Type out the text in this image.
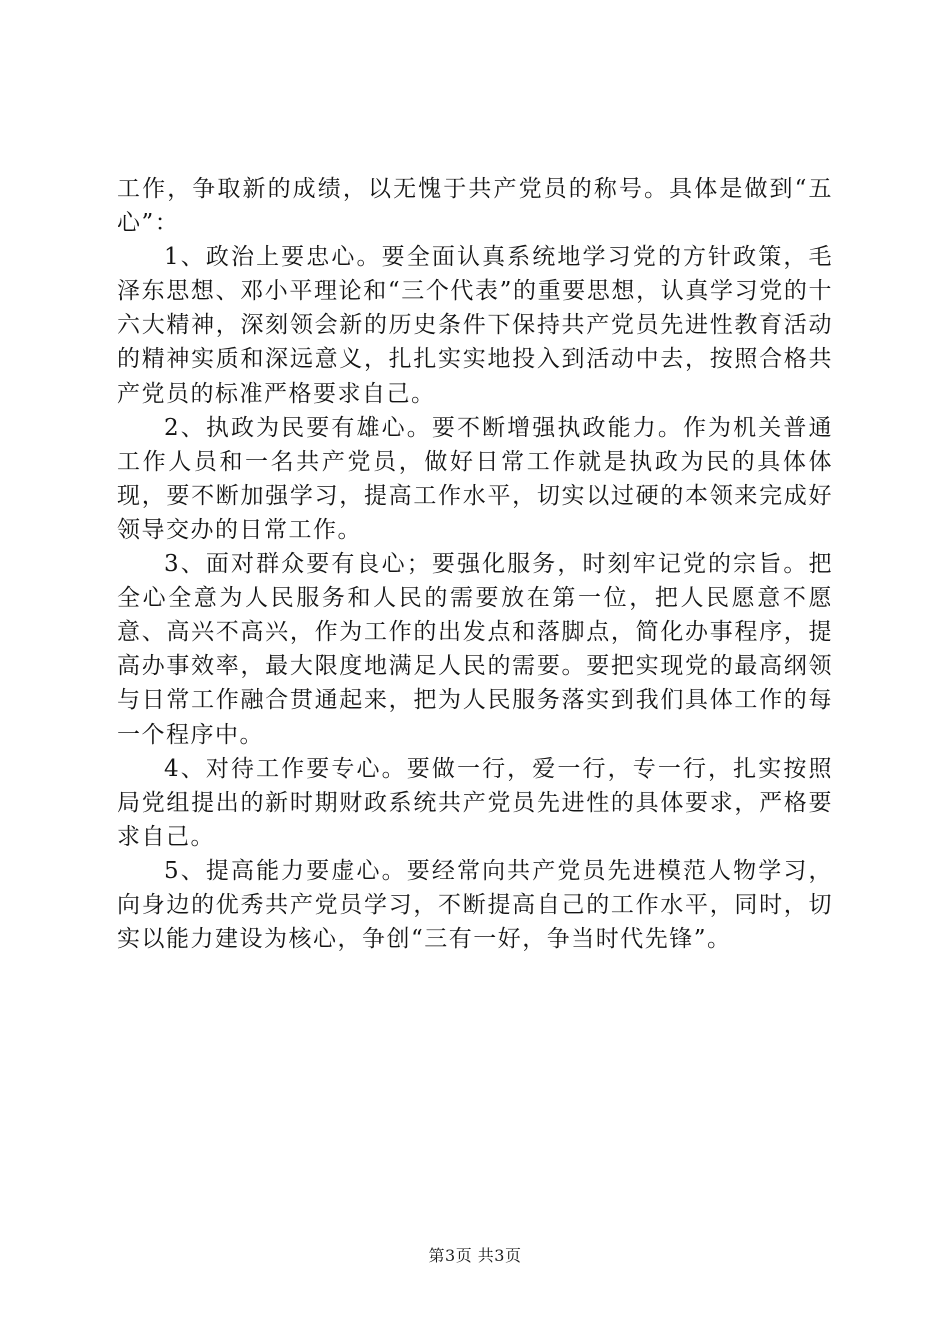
工作，争取新的成绩，以无愧于共产党员的称号。具体是做到“五心”：

1、政治上要忠心。要全面认真系统地学习党的方针政策，毛泽东思想、邓小平理论和“三个代表”的重要思想，认真学习党的十六大精神，深刻领会新的历史条件下保持共产党员先进性教育活动的精神实质和深远意义，扎扎实实地投入到活动中去，按照合格共产党员的标准严格要求自己。

2、执政为民要有雄心。要不断增强执政能力。作为机关普通工作人员和一名共产党员，做好日常工作就是执政为民的具体体现，要不断加强学习，提高工作水平，切实以过硬的本领来完成好领导交办的日常工作。

3、面对群众要有良心；要强化服务，时刻牢记党的宗旨。把全心全意为人民服务和人民的需要放在第一位，把人民愿意不愿意、高兴不高兴，作为工作的出发点和落脚点，简化办事程序，提高办事效率，最大限度地满足人民的需要。要把实现党的最高纲领与日常工作融合贯通起来，把为人民服务落实到我们具体工作的每一个程序中。

4、对待工作要专心。要做一行，爱一行，专一行，扎实按照局党组提出的新时期财政系统共产党员先进性的具体要求，严格要求自己。

5、提高能力要虚心。要经常向共产党员先进模范人物学习，向身边的优秀共产党员学习，不断提高自己的工作水平，同时，切实以能力建设为核心，争创“三有一好，争当时代先锋”。

第3页 共3页
